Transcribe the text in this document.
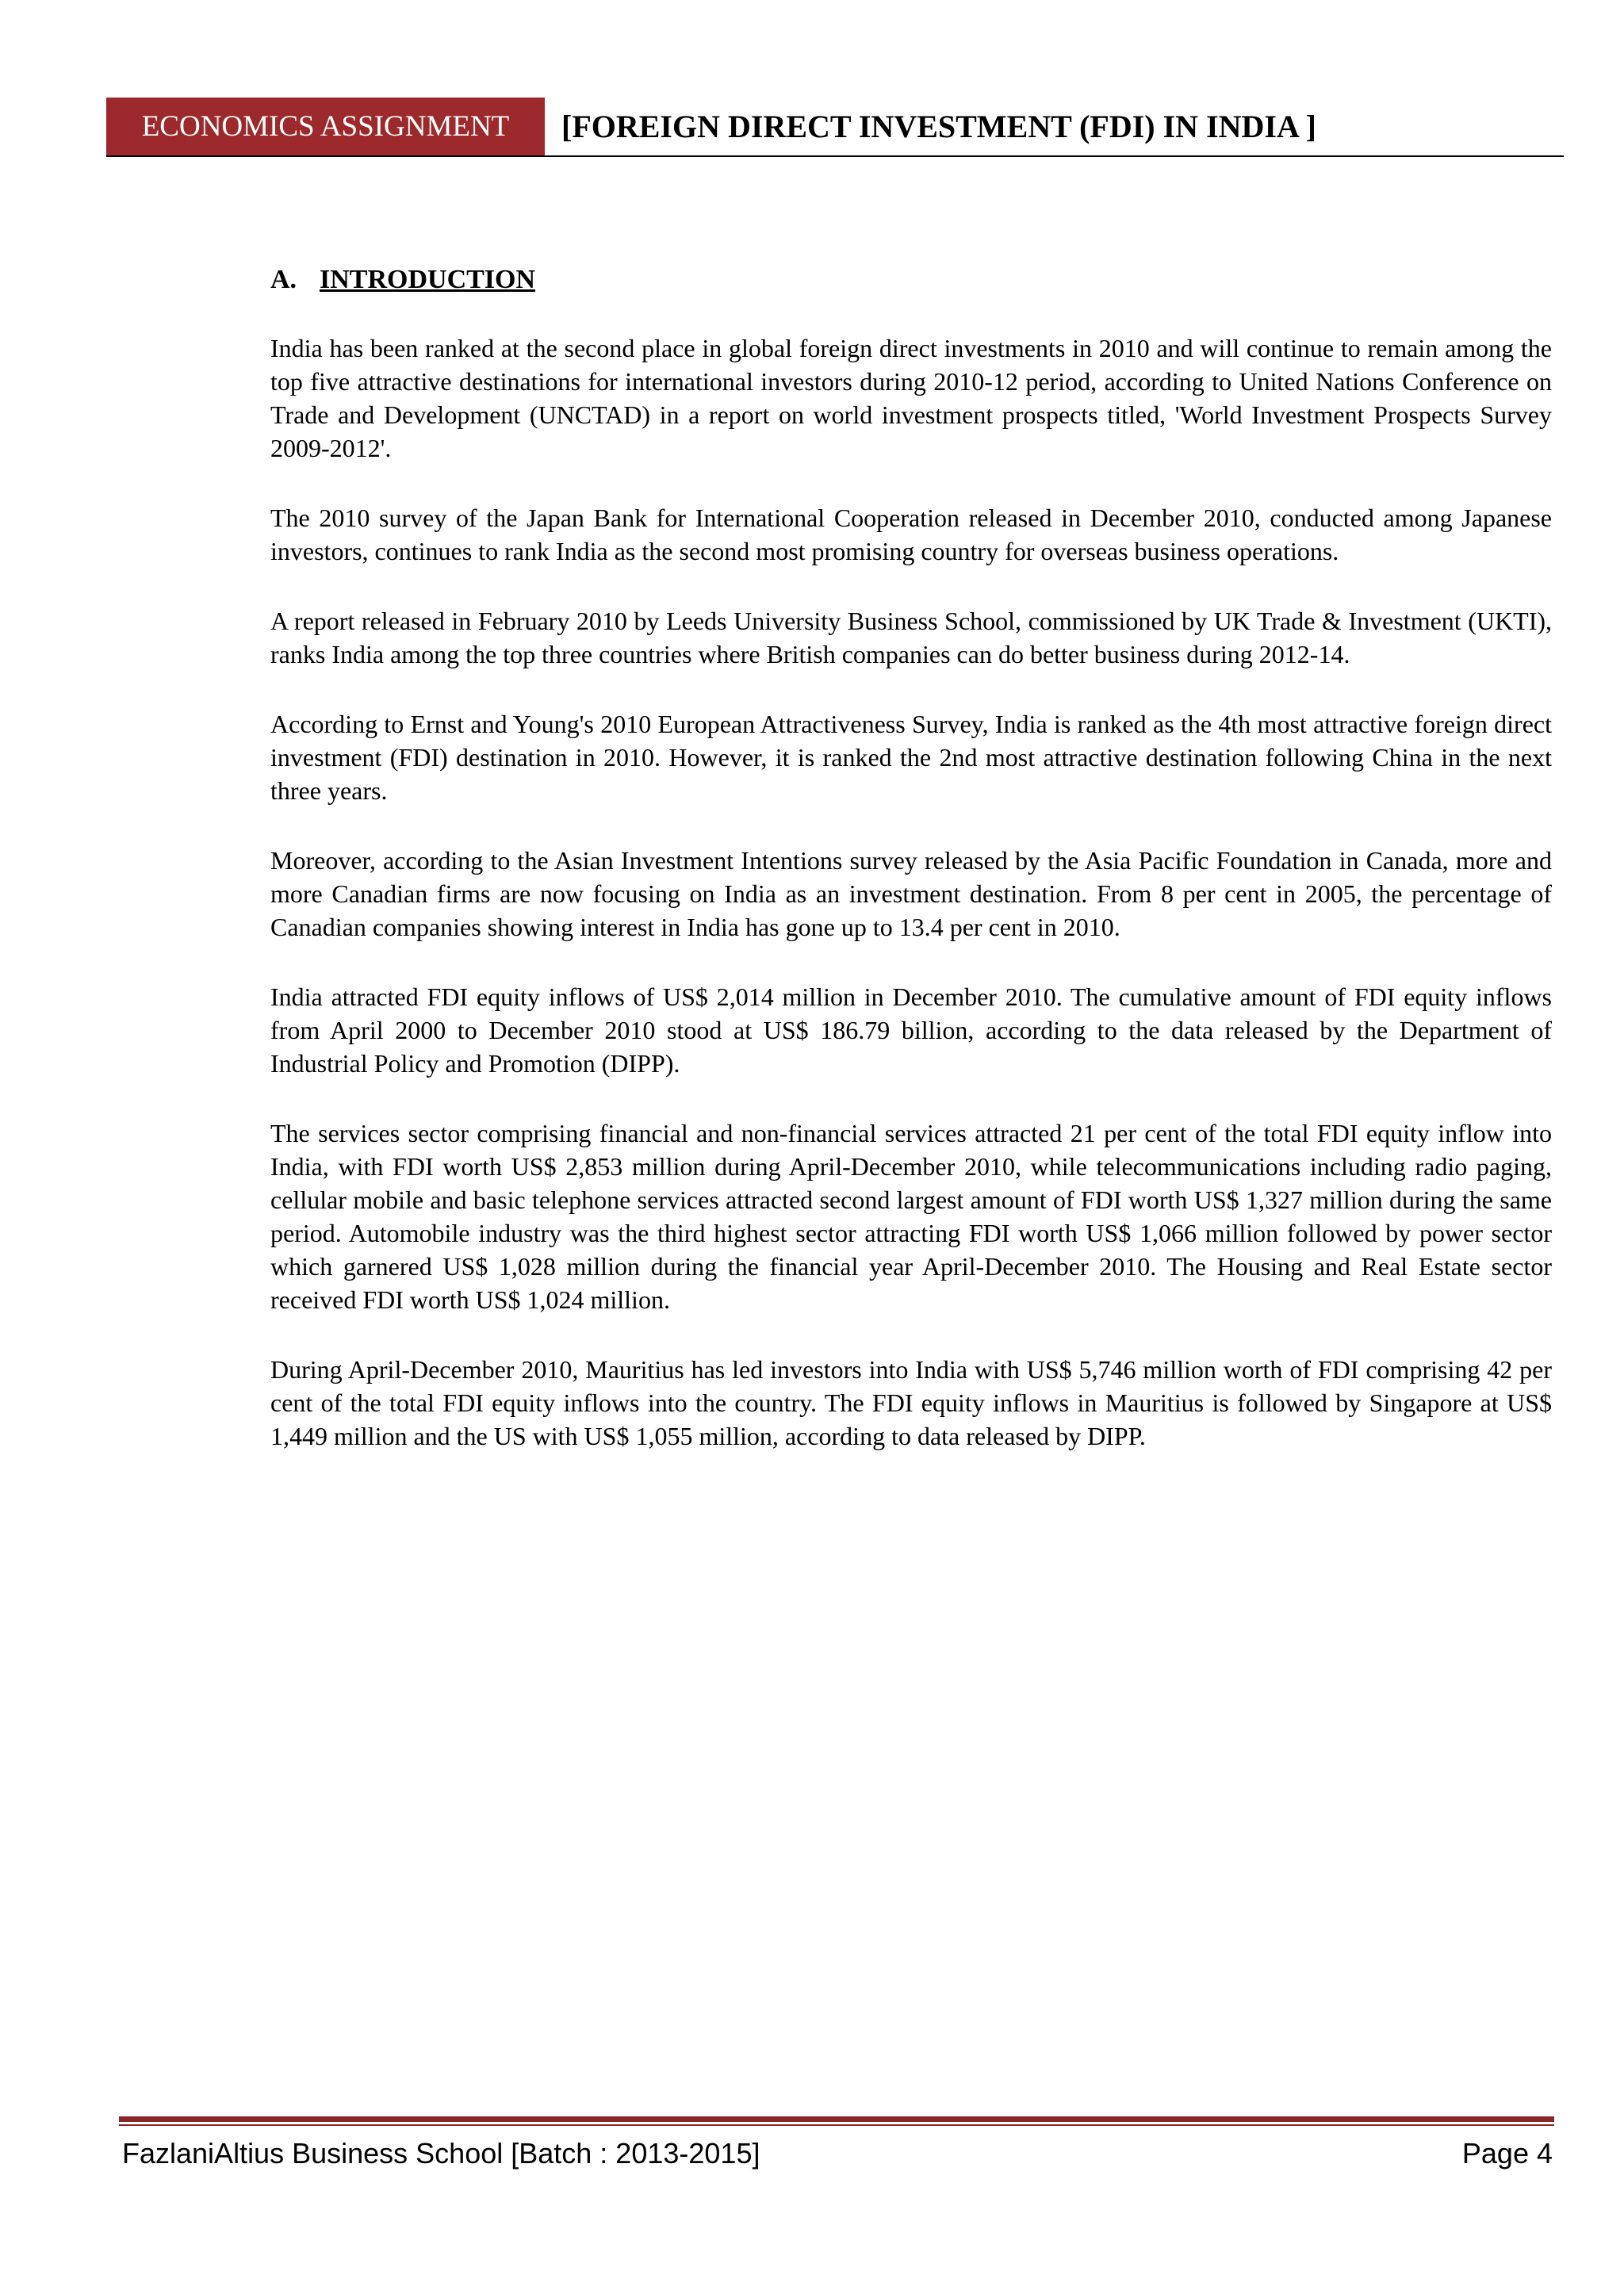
ECONOMICS ASSIGNMENT	[FOREIGN DIRECT INVESTMENT (FDI) IN INDIA ]
A. INTRODUCTION

India has been ranked at the second place in global foreign direct investments in 2010 and will continue to remain among the top five attractive destinations for international investors during 2010-12 period, according to United Nations Conference on Trade and Development (UNCTAD) in a report on world investment prospects titled, 'World Investment Prospects Survey 2009-2012'.

The 2010 survey of the Japan Bank for International Cooperation released in December 2010, conducted among Japanese investors, continues to rank India as the second most promising country for overseas business operations.

A report released in February 2010 by Leeds University Business School, commissioned by UK Trade & Investment (UKTI), ranks India among the top three countries where British companies can do better business during 2012-14.

According to Ernst and Young's 2010 European Attractiveness Survey, India is ranked as the 4th most attractive foreign direct investment (FDI) destination in 2010. However, it is ranked the 2nd most attractive destination following China in the next three years.

Moreover, according to the Asian Investment Intentions survey released by the Asia Pacific Foundation in Canada, more and more Canadian firms are now focusing on India as an investment destination. From 8 per cent in 2005, the percentage of Canadian companies showing interest in India has gone up to 13.4 per cent in 2010.

India attracted FDI equity inflows of US$ 2,014 million in December 2010. The cumulative amount of FDI equity inflows from April 2000 to December 2010 stood at US$ 186.79 billion, according to the data released by the Department of Industrial Policy and Promotion (DIPP).

The services sector comprising financial and non-financial services attracted 21 per cent of the total FDI equity inflow into India, with FDI worth US$ 2,853 million during April-December 2010, while telecommunications including radio paging, cellular mobile and basic telephone services attracted second largest amount of FDI worth US$ 1,327 million during the same period. Automobile industry was the third highest sector attracting FDI worth US$ 1,066 million followed by power sector which garnered US$ 1,028 million during the financial year April-December 2010. The Housing and Real Estate sector received FDI worth US$ 1,024 million.

During April-December 2010, Mauritius has led investors into India with US$ 5,746 million worth of FDI comprising 42 per cent of the total FDI equity inflows into the country. The FDI equity inflows in Mauritius is followed by Singapore at US$ 1,449 million and the US with US$ 1,055 million, according to data released by DIPP.

FazlaniAltius Business School [Batch : 2013-2015]	Page 4
